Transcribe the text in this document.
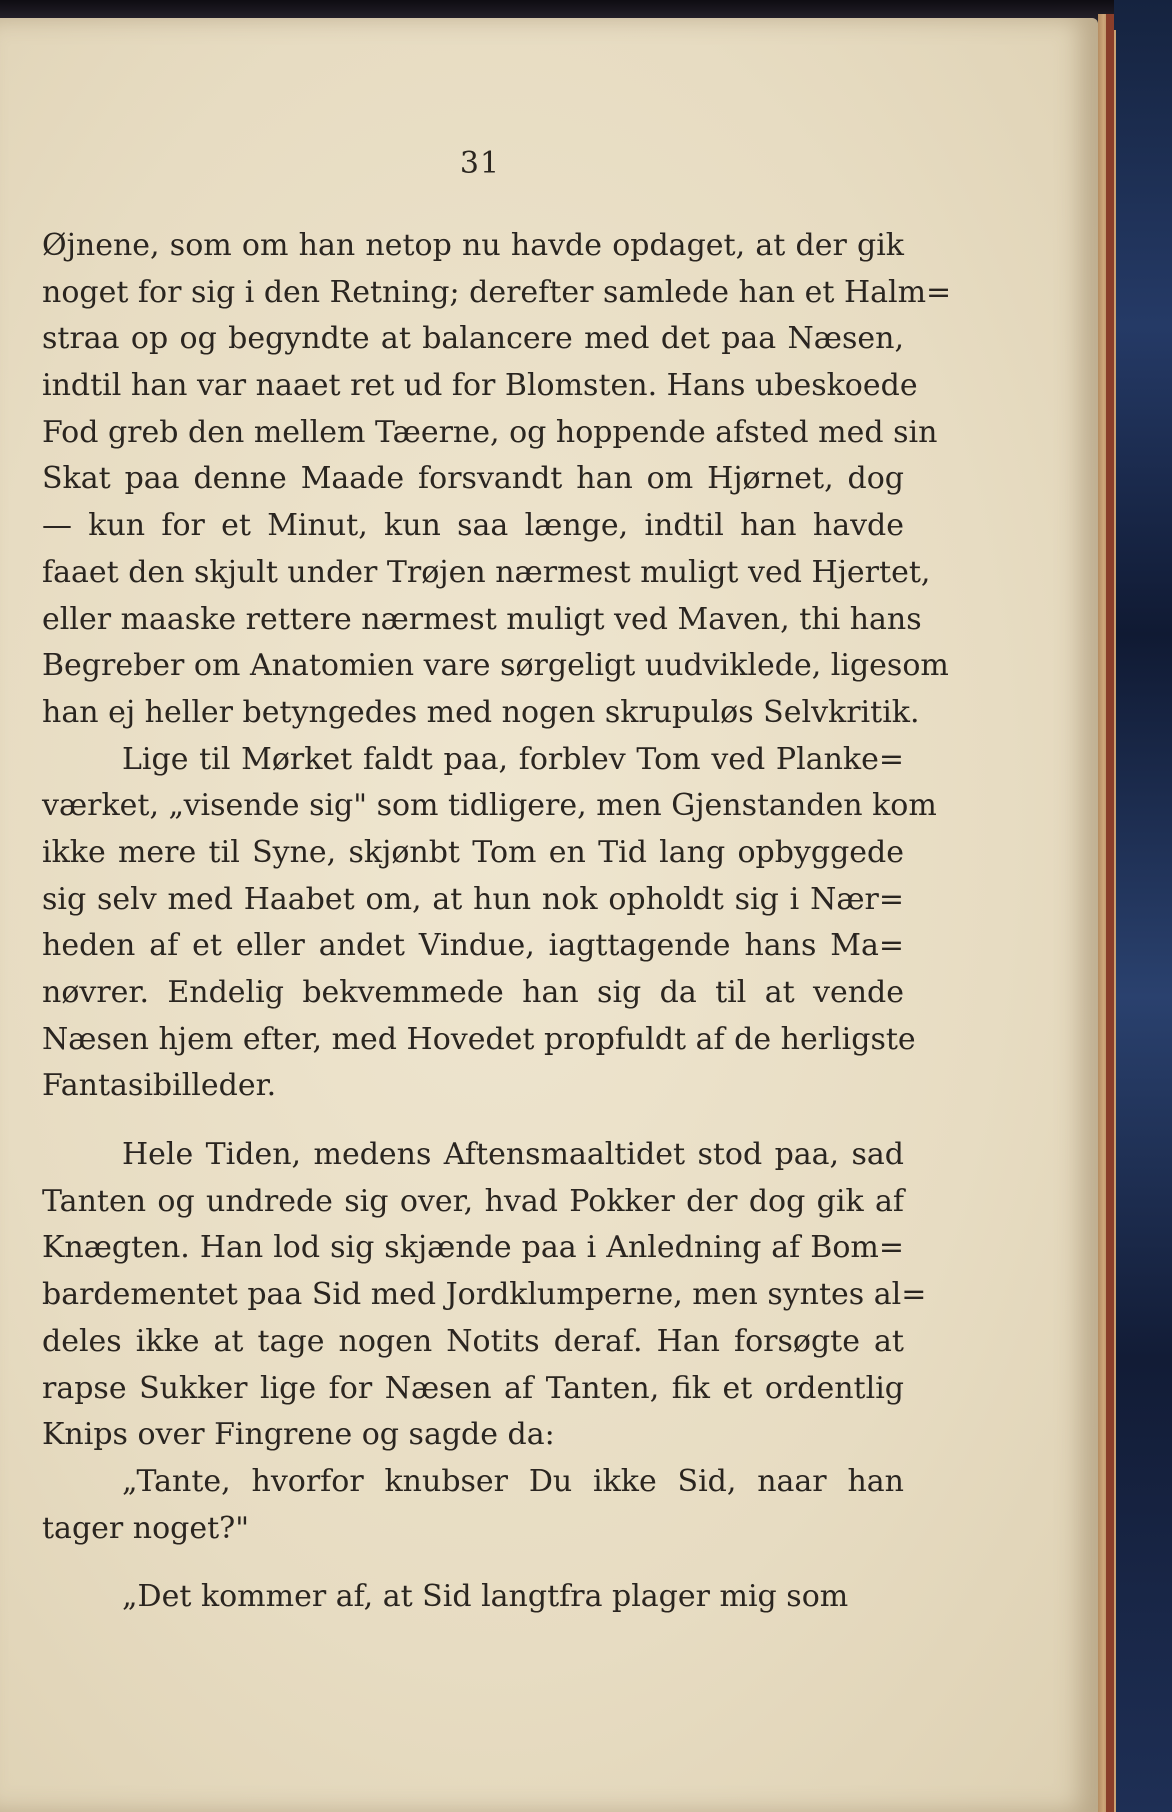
31
Øjnene, som om han netop nu havde opdaget, at der gik
noget for sig i den Retning; derefter samlede han et Halm=
straa op og begyndte at balancere med det paa Næsen,
indtil han var naaet ret ud for Blomsten. Hans ubeskoede
Fod greb den mellem Tæerne, og hoppende afsted med sin
Skat paa denne Maade forsvandt han om Hjørnet, dog
— kun for et Minut, kun saa længe, indtil han havde
faaet den skjult under Trøjen nærmest muligt ved Hjertet,
eller maaske rettere nærmest muligt ved Maven, thi hans
Begreber om Anatomien vare sørgeligt uudviklede, ligesom
han ej heller betyngedes med nogen skrupuløs Selvkritik.
Lige til Mørket faldt paa, forblev Tom ved Planke=
værket, „visende sig" som tidligere, men Gjenstanden kom
ikke mere til Syne, skjønbt Tom en Tid lang opbyggede
sig selv med Haabet om, at hun nok opholdt sig i Nær=
heden af et eller andet Vindue, iagttagende hans Ma=
nøvrer. Endelig bekvemmede han sig da til at vende
Næsen hjem efter, med Hovedet propfuldt af de herligste
Fantasibilleder.
Hele Tiden, medens Aftensmaaltidet stod paa, sad
Tanten og undrede sig over, hvad Pokker der dog gik af
Knægten. Han lod sig skjænde paa i Anledning af Bom=
bardementet paa Sid med Jordklumperne, men syntes al=
deles ikke at tage nogen Notits deraf. Han forsøgte at
rapse Sukker lige for Næsen af Tanten, fik et ordentlig
Knips over Fingrene og sagde da:
„Tante, hvorfor knubser Du ikke Sid, naar han
tager noget?"
„Det kommer af, at Sid langtfra plager mig som
